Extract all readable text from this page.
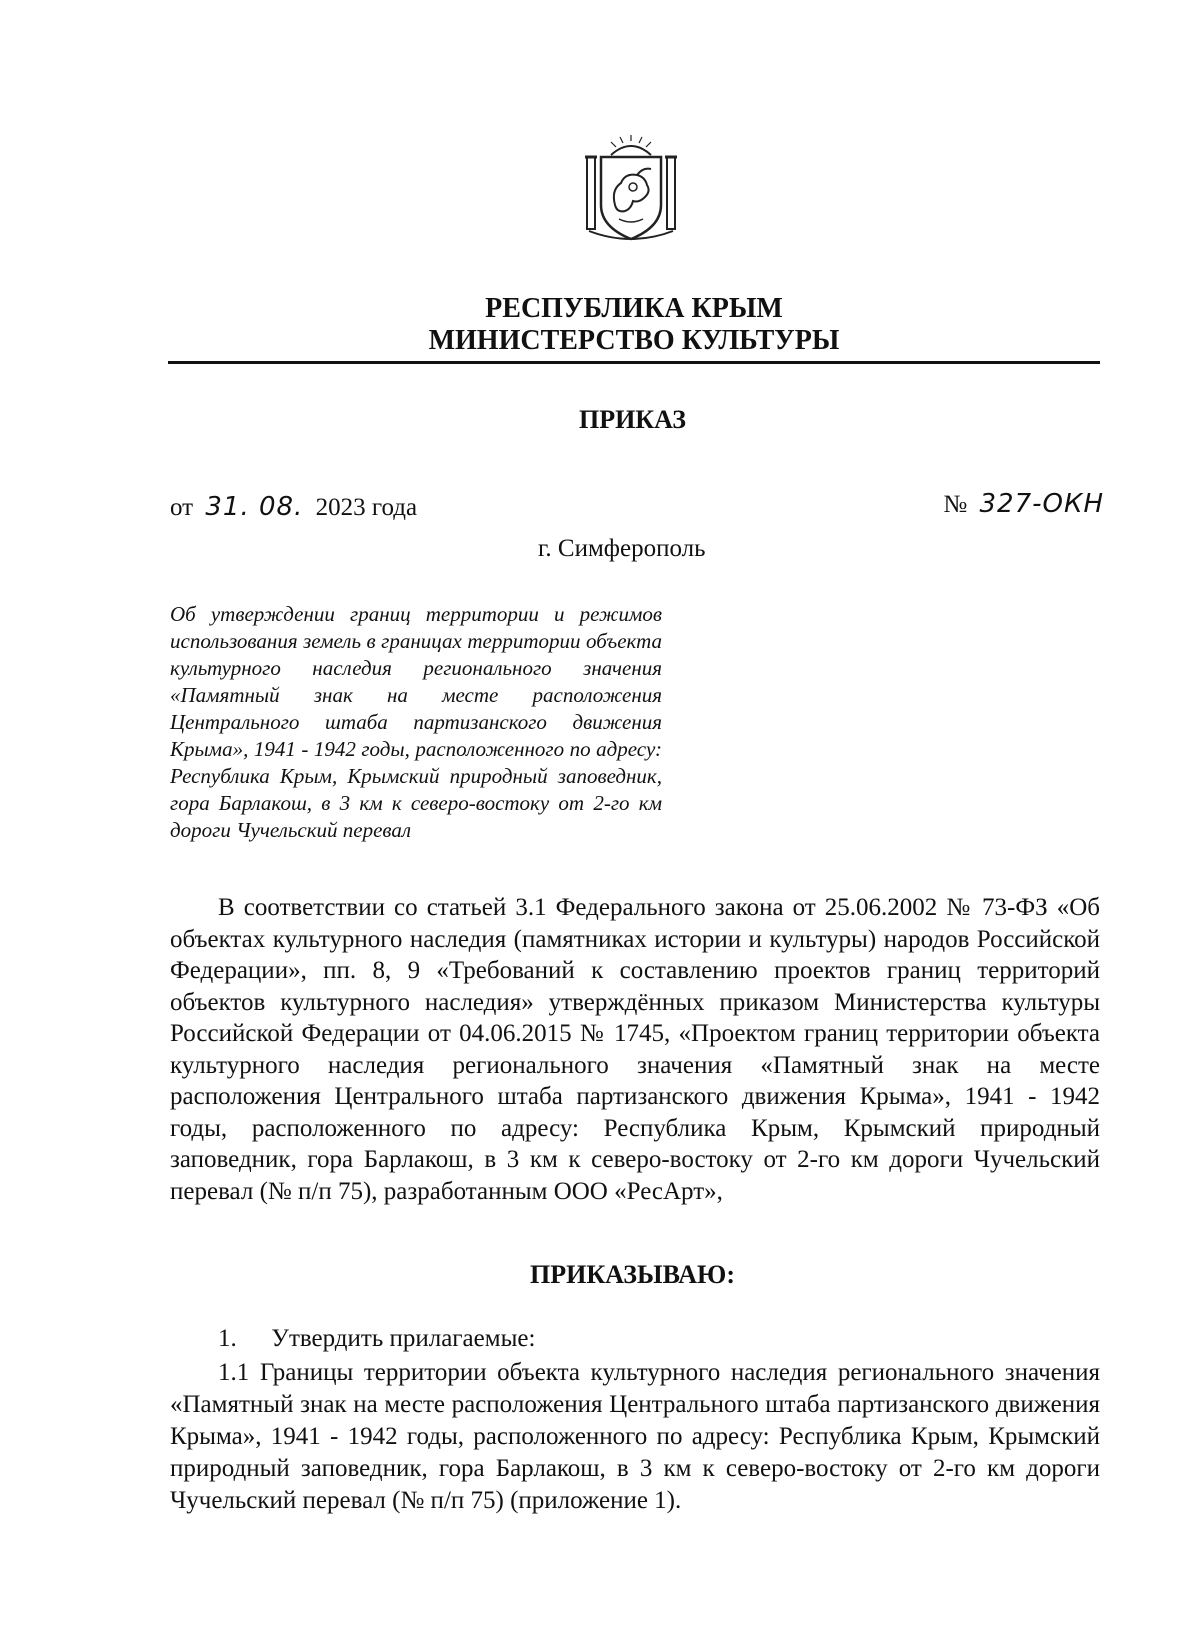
РЕСПУБЛИКА КРЫМ
МИНИСТЕРСТВО КУЛЬТУРЫ
ПРИКАЗ
от 31. 08. 2023 года	№ 327-ОКН
г. Симферополь
Об утверждении границ территории и режимов использования земель в границах территории объекта культурного наследия регионального значения «Памятный знак на месте расположения Центрального штаба партизанского движения Крыма», 1941 - 1942 годы, расположенного по адресу: Республика Крым, Крымский природный заповедник, гора Барлакош, в 3 км к северо-востоку от 2-го км дороги Чучельский перевал
В соответствии со статьей 3.1 Федерального закона от 25.06.2002 № 73-ФЗ «Об объектах культурного наследия (памятниках истории и культуры) народов Российской Федерации», пп. 8, 9 «Требований к составлению проектов границ территорий объектов культурного наследия» утверждённых приказом Министерства культуры Российской Федерации от 04.06.2015 № 1745, «Проектом границ территории объекта культурного наследия регионального значения «Памятный знак на месте расположения Центрального штаба партизанского движения Крыма», 1941 - 1942 годы, расположенного по адресу: Республика Крым, Крымский природный заповедник, гора Барлакош, в 3 км к северо-востоку от 2-го км дороги Чучельский перевал (№ п/п 75), разработанным ООО «РесАрт»,
ПРИКАЗЫВАЮ:
1. Утвердить прилагаемые:
1.1 Границы территории объекта культурного наследия регионального значения «Памятный знак на месте расположения Центрального штаба партизанского движения Крыма», 1941 - 1942 годы, расположенного по адресу: Республика Крым, Крымский природный заповедник, гора Барлакош, в 3 км к северо-востоку от 2-го км дороги Чучельский перевал (№ п/п 75) (приложение 1).
